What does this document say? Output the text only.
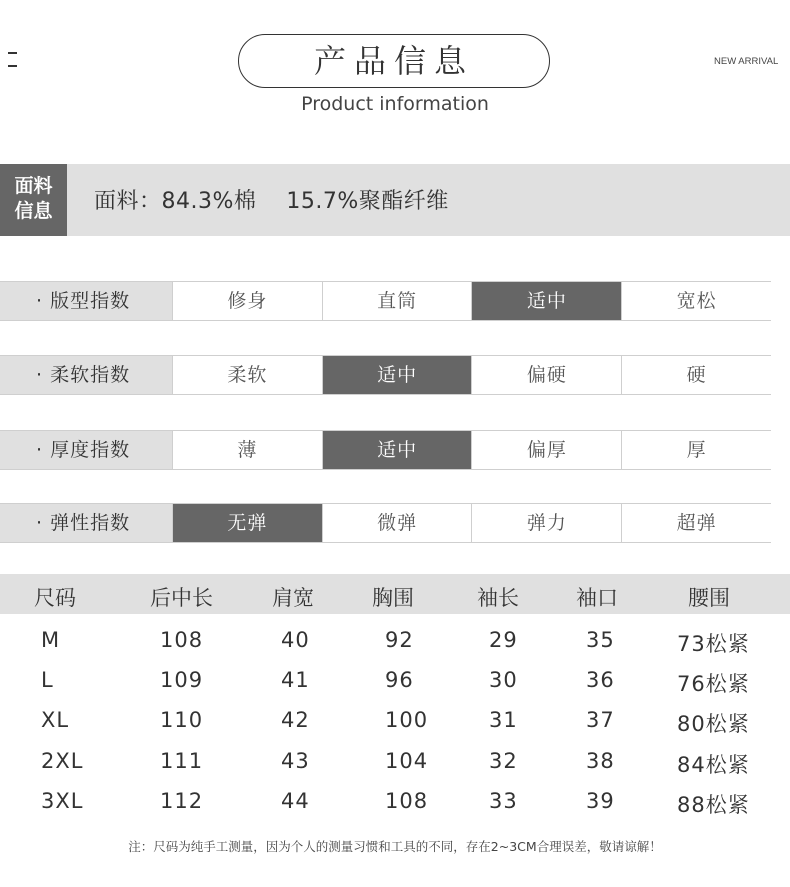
产品信息
Product information
NEW ARRIVAL
面料
信息	面料：84.3%棉    15.7%聚酯纤维
· 版型指数	修身	直筒	适中	宽松
· 柔软指数	柔软	适中	偏硬	硬
· 厚度指数	薄	适中	偏厚	厚
· 弹性指数	无弹	微弹	弹力	超弹
尺码	后中长	肩宽	胸围	袖长	袖口	腰围
M	108	40	92	29	35	73松紧
L	109	41	96	30	36	76松紧
XL	110	42	100	31	37	80松紧
2XL	111	43	104	32	38	84松紧
3XL	112	44	108	33	39	88松紧
注：尺码为纯手工测量，因为个人的测量习惯和工具的不同，存在2~3CM合理误差，敬请谅解！
